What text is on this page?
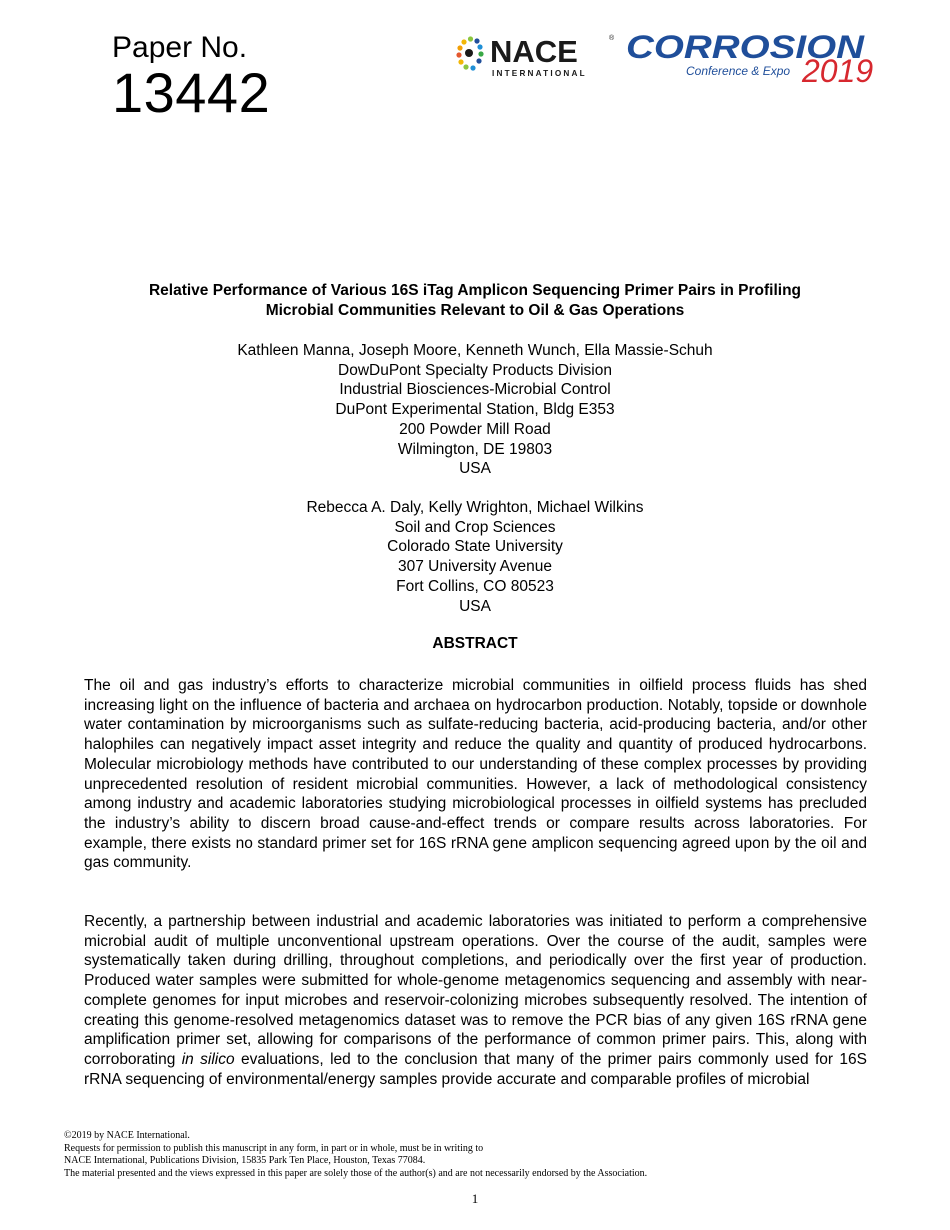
Paper No.
13442
NACE	®
INTERNATIONAL
CORROSION
Conference & Expo 2019
Relative Performance of Various 16S iTag Amplicon Sequencing Primer Pairs in Profiling
Microbial Communities Relevant to Oil & Gas Operations
Kathleen Manna, Joseph Moore, Kenneth Wunch, Ella Massie-Schuh
DowDuPont Specialty Products Division
Industrial Biosciences-Microbial Control
DuPont Experimental Station, Bldg E353
200 Powder Mill Road
Wilmington, DE 19803
USA
Rebecca A. Daly, Kelly Wrighton, Michael Wilkins
Soil and Crop Sciences
Colorado State University
307 University Avenue
Fort Collins, CO 80523
USA
ABSTRACT
The oil and gas industry’s efforts to characterize microbial communities in oilfield process fluids has shed increasing light on the influence of bacteria and archaea on hydrocarbon production. Notably, topside or downhole water contamination by microorganisms such as sulfate-reducing bacteria, acid-producing bacteria, and/or other halophiles can negatively impact asset integrity and reduce the quality and quantity of produced hydrocarbons. Molecular microbiology methods have contributed to our understanding of these complex processes by providing unprecedented resolution of resident microbial communities. However, a lack of methodological consistency among industry and academic laboratories studying microbiological processes in oilfield systems has precluded the industry’s ability to discern broad cause-and-effect trends or compare results across laboratories. For example, there exists no standard primer set for 16S rRNA gene amplicon sequencing agreed upon by the oil and gas community.
Recently, a partnership between industrial and academic laboratories was initiated to perform a comprehensive microbial audit of multiple unconventional upstream operations. Over the course of the audit, samples were systematically taken during drilling, throughout completions, and periodically over the first year of production. Produced water samples were submitted for whole-genome metagenomics sequencing and assembly with near-complete genomes for input microbes and reservoir-colonizing microbes subsequently resolved. The intention of creating this genome-resolved metagenomics dataset was to remove the PCR bias of any given 16S rRNA gene amplification primer set, allowing for comparisons of the performance of common primer pairs. This, along with corroborating in silico evaluations, led to the conclusion that many of the primer pairs commonly used for 16S rRNA sequencing of environmental/energy samples provide accurate and comparable profiles of microbial
©2019 by NACE International.
Requests for permission to publish this manuscript in any form, in part or in whole, must be in writing to
NACE International, Publications Division, 15835 Park Ten Place, Houston, Texas 77084.
The material presented and the views expressed in this paper are solely those of the author(s) and are not necessarily endorsed by the Association.
1
